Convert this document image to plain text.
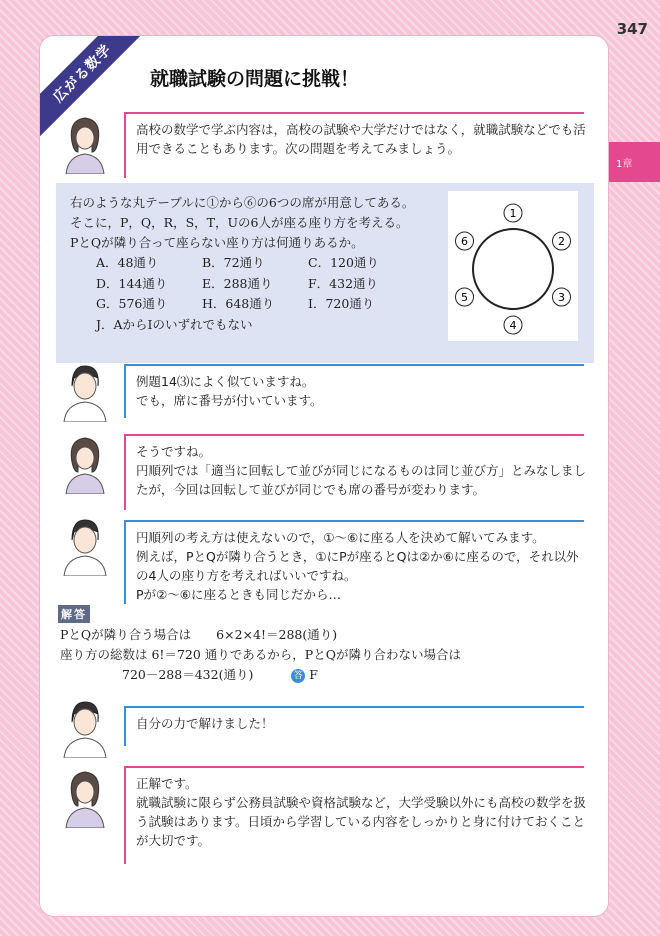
347
1章
広がる数学	就職試験の問題に挑戦！
高校の数学で学ぶ内容は，高校の試験や大学だけではなく，就職試験などでも活用できることもあります。次の問題を考えてみましょう。
右のような丸テーブルに①から⑥の6つの席が用意してある。
そこに，P，Q，R，S，T，Uの6人が座る座り方を考える。
PとQが隣り合って座らない座り方は何通りあるか。
A．48通り	B．72通り	C．120通り
D．144通り	E．288通り	F．432通り
G．576通り	H．648通り	I．720通り
J．AからIのいずれでもない
1
2
3
4
5
6
例題14⑶によく似ていますね。
でも，席に番号が付いています。
そうですね。
円順列では「適当に回転して並びが同じになるものは同じ並び方」とみなしましたが，今回は回転して並びが同じでも席の番号が変わります。
円順列の考え方は使えないので，①～⑥に座る人を決めて解いてみます。
例えば，PとQが隣り合うとき，①にPが座るとQは②か⑥に座るので，それ以外の4人の座り方を考えればいいですね。
Pが②～⑥に座るときも同じだから…
解答
PとQが隣り合う場合は　　6×2×4!＝288(通り)
座り方の総数は 6!＝720 通りであるから，PとQが隣り合わない場合は
720－288＝432(通り)	答 F
自分の力で解けました！
正解です。
就職試験に限らず公務員試験や資格試験など，大学受験以外にも高校の数学を扱う試験はあります。日頃から学習している内容をしっかりと身に付けておくことが大切です。
